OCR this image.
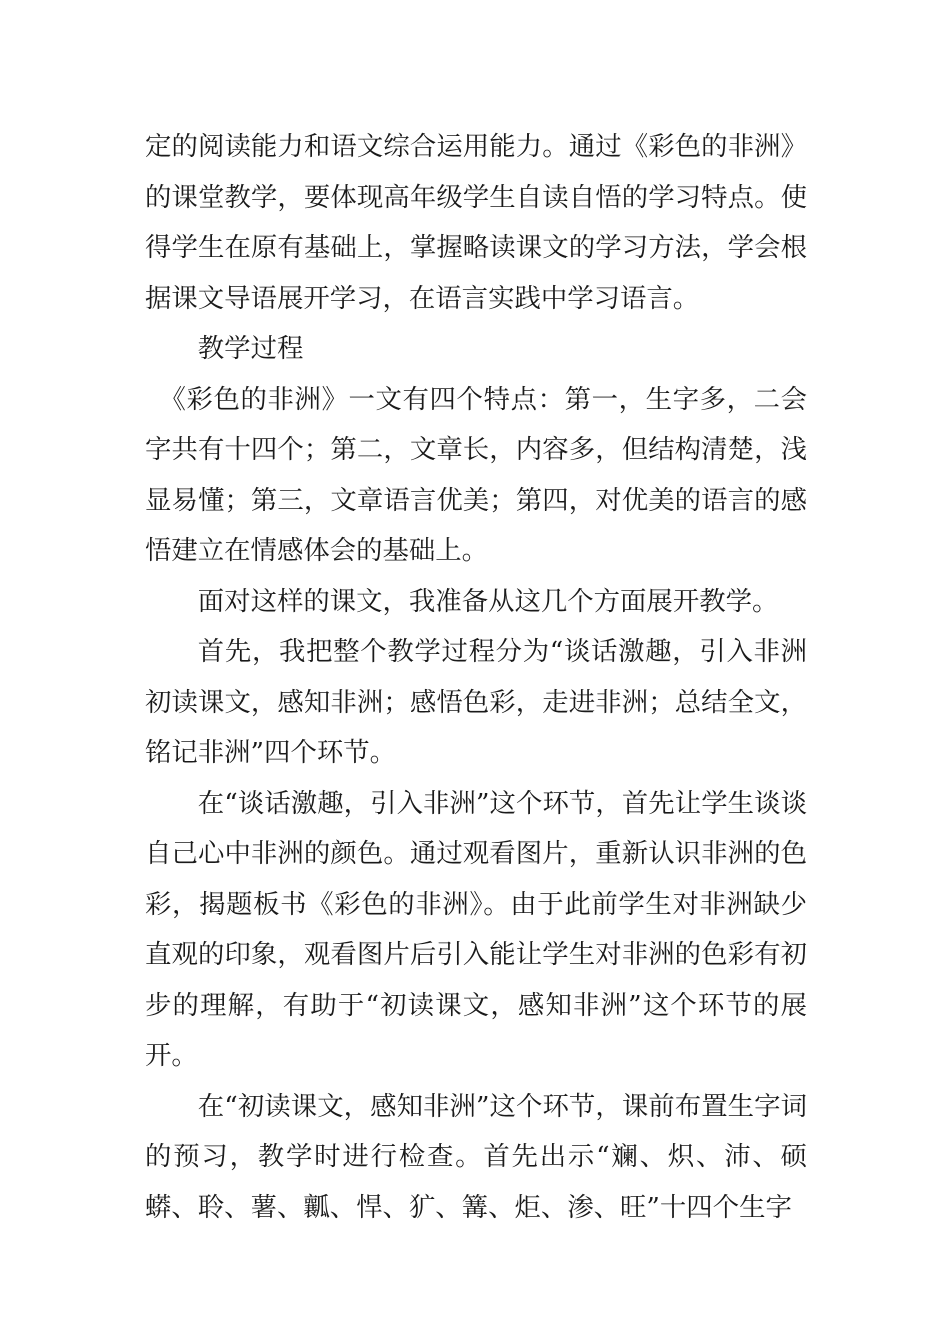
定的阅读能力和语文综合运用能力。通过《彩色的非洲》的课堂教学，要体现高年级学生自读自悟的学习特点。使得学生在原有基础上，掌握略读课文的学习方法，学会根据课文导语展开学习，在语言实践中学习语言。

教学过程

《彩色的非洲》一文有四个特点：第一，生字多，二会字共有十四个；第二，文章长，内容多，但结构清楚，浅显易懂；第三，文章语言优美；第四，对优美的语言的感悟建立在情感体会的基础上。

面对这样的课文，我准备从这几个方面展开教学。

首先，我把整个教学过程分为“谈话激趣，引入非洲初读课文，感知非洲；感悟色彩，走进非洲；总结全文，铭记非洲”四个环节。

在“谈话激趣，引入非洲”这个环节，首先让学生谈谈自己心中非洲的颜色。通过观看图片，重新认识非洲的色彩，揭题板书《彩色的非洲》。由于此前学生对非洲缺少直观的印象，观看图片后引入能让学生对非洲的色彩有初步的理解，有助于“初读课文，感知非洲”这个环节的展开。

在“初读课文，感知非洲”这个环节，课前布置生字词的预习，教学时进行检查。首先出示“斓、炽、沛、硕蟒、聆、薯、瓤、悍、犷、篝、炬、渗、旺”十四个生字
